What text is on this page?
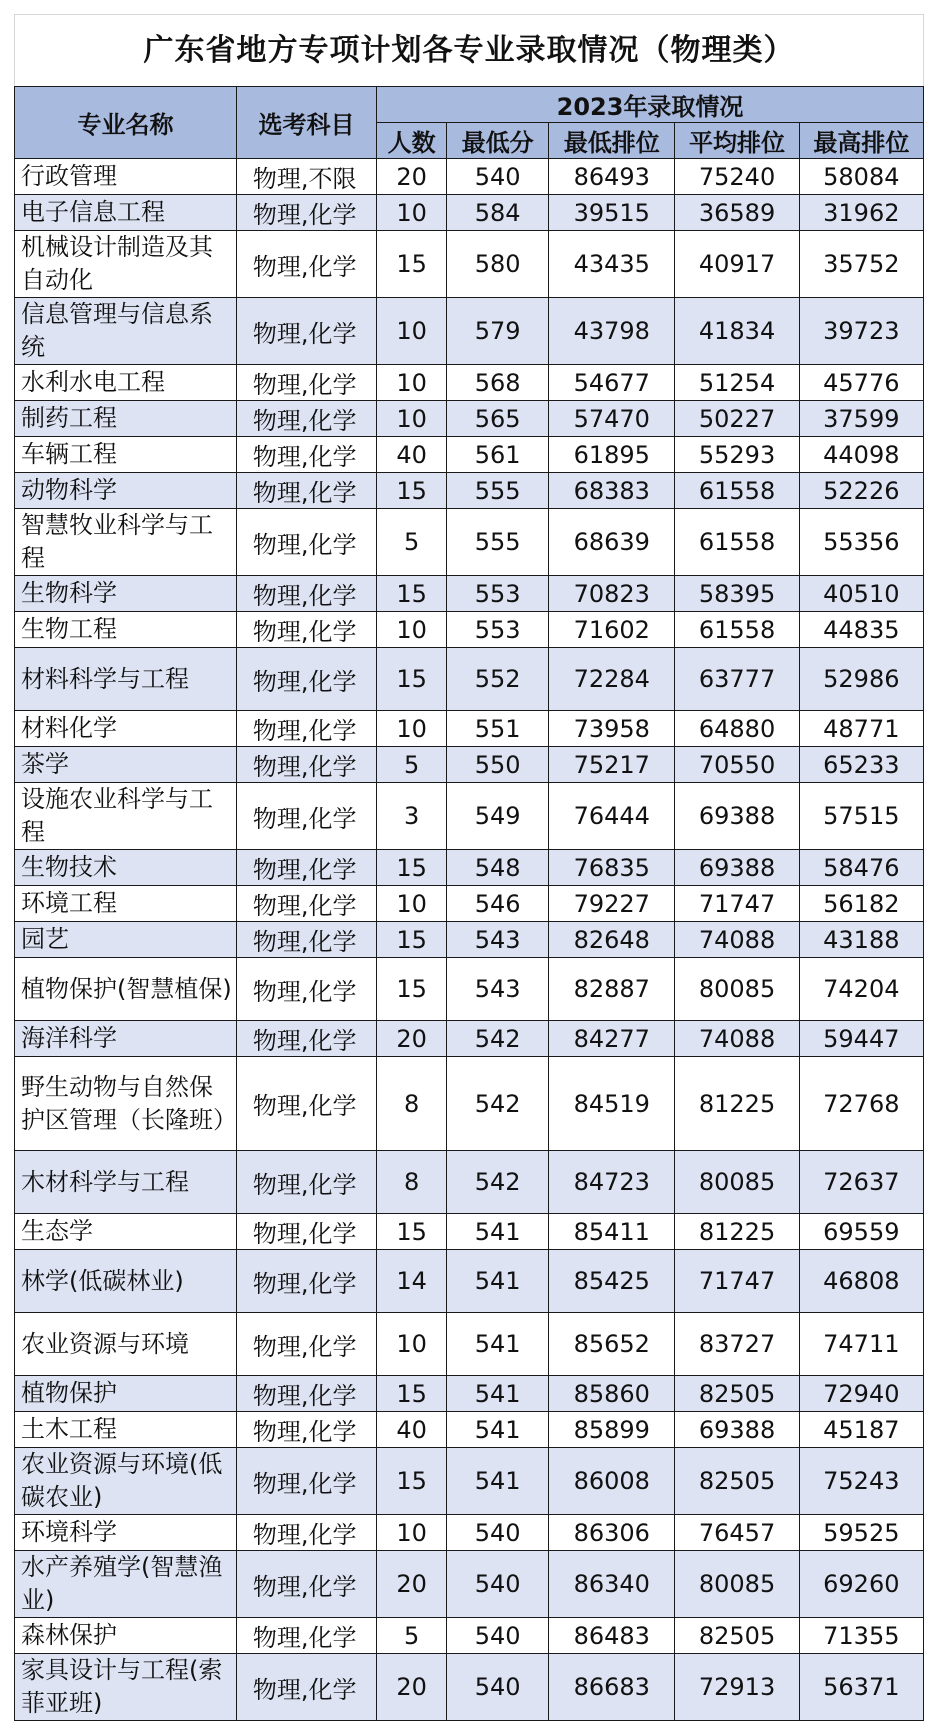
广东省地方专项计划各专业录取情况（物理类）
专业名称	选考科目	2023年录取情况				
		人数	最低分	最低排位	平均排位	最高排位
行政管理	物理,不限	20	540	86493	75240	58084
电子信息工程	物理,化学	10	584	39515	36589	31962
机械设计制造及其自动化	物理,化学	15	580	43435	40917	35752
信息管理与信息系统	物理,化学	10	579	43798	41834	39723
水利水电工程	物理,化学	10	568	54677	51254	45776
制药工程	物理,化学	10	565	57470	50227	37599
车辆工程	物理,化学	40	561	61895	55293	44098
动物科学	物理,化学	15	555	68383	61558	52226
智慧牧业科学与工程	物理,化学	5	555	68639	61558	55356
生物科学	物理,化学	15	553	70823	58395	40510
生物工程	物理,化学	10	553	71602	61558	44835
材料科学与工程	物理,化学	15	552	72284	63777	52986
材料化学	物理,化学	10	551	73958	64880	48771
茶学	物理,化学	5	550	75217	70550	65233
设施农业科学与工程	物理,化学	3	549	76444	69388	57515
生物技术	物理,化学	15	548	76835	69388	58476
环境工程	物理,化学	10	546	79227	71747	56182
园艺	物理,化学	15	543	82648	74088	43188
植物保护(智慧植保)	物理,化学	15	543	82887	80085	74204
海洋科学	物理,化学	20	542	84277	74088	59447
野生动物与自然保护区管理（长隆班）	物理,化学	8	542	84519	81225	72768
木材科学与工程	物理,化学	8	542	84723	80085	72637
生态学	物理,化学	15	541	85411	81225	69559
林学(低碳林业)	物理,化学	14	541	85425	71747	46808
农业资源与环境	物理,化学	10	541	85652	83727	74711
植物保护	物理,化学	15	541	85860	82505	72940
土木工程	物理,化学	40	541	85899	69388	45187
农业资源与环境(低碳农业)	物理,化学	15	541	86008	82505	75243
环境科学	物理,化学	10	540	86306	76457	59525
水产养殖学(智慧渔业)	物理,化学	20	540	86340	80085	69260
森林保护	物理,化学	5	540	86483	82505	71355
家具设计与工程(索菲亚班)	物理,化学	20	540	86683	72913	56371
